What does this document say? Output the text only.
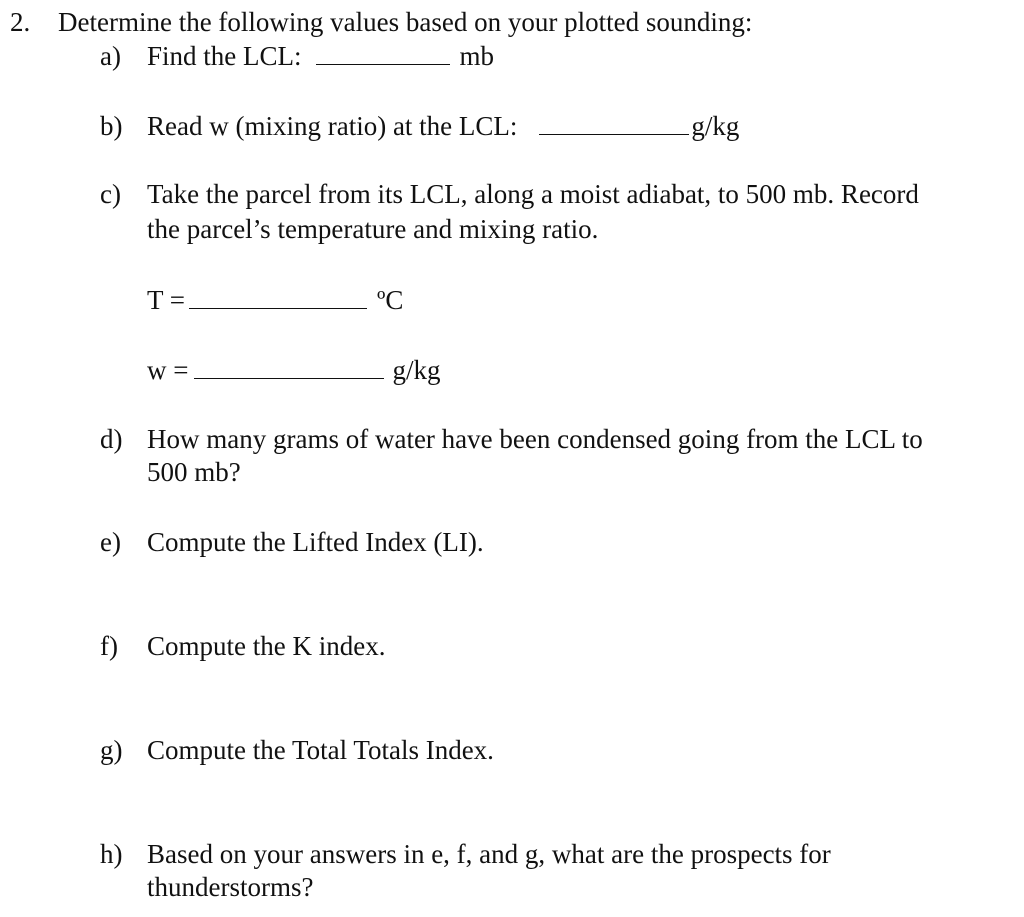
2. Determine the following values based on your plotted sounding:
a) Find the LCL:	mb
b) Read w (mixing ratio) at the LCL:	g/kg
c) Take the parcel from its LCL, along a moist adiabat, to 500 mb. Record
the parcel’s temperature and mixing ratio.
T =	ºC
w =	g/kg
d) How many grams of water have been condensed going from the LCL to
500 mb?
e) Compute the Lifted Index (LI).
f) Compute the K index.
g) Compute the Total Totals Index.
h) Based on your answers in e, f, and g, what are the prospects for
thunderstorms?
